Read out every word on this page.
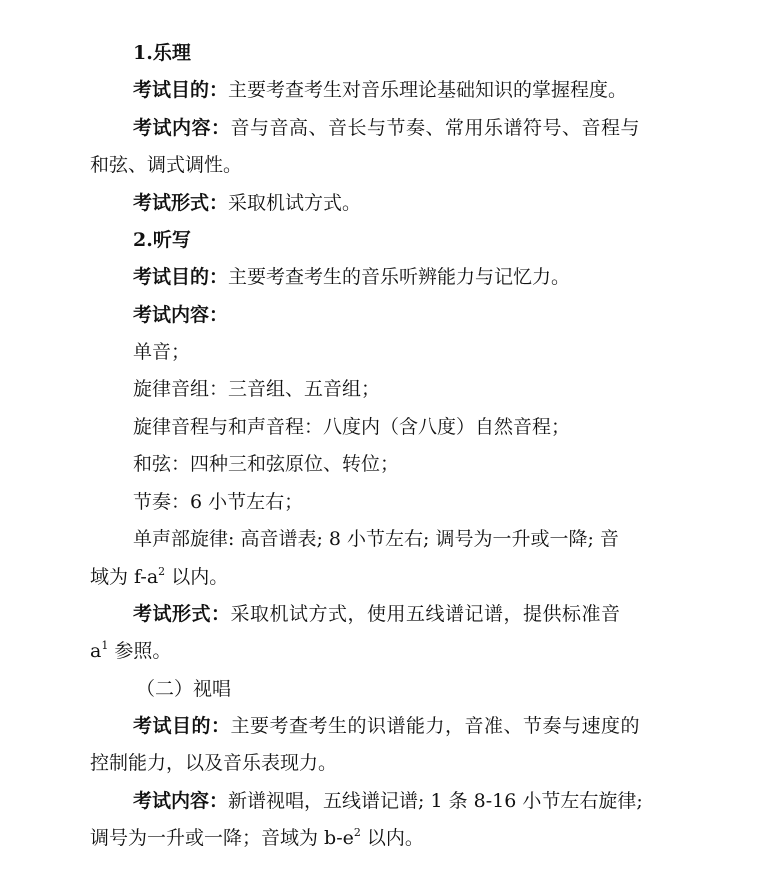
1.乐理
考试目的：主要考查考生对音乐理论基础知识的掌握程度。
考试内容：音与音高、音长与节奏、常用乐谱符号、音程与
和弦、调式调性。
考试形式：采取机试方式。
2.听写
考试目的：主要考查考生的音乐听辨能力与记忆力。
考试内容：
单音；
旋律音组：三音组、五音组；
旋律音程与和声音程：八度内（含八度）自然音程；
和弦：四种三和弦原位、转位；
节奏：6 小节左右；
单声部旋律: 高音谱表; 8 小节左右; 调号为一升或一降; 音
域为 $f-a^2$ 以内。
考试形式：采取机试方式，使用五线谱记谱，提供标准音
$a^1$ 参照。
（二）视唱
考试目的：主要考查考生的识谱能力，音准、节奏与速度的
控制能力，以及音乐表现力。
考试内容：新谱视唱，五线谱记谱; 1 条 8-16 小节左右旋律;
调号为一升或一降；音域为 $b-e^2$ 以内。
